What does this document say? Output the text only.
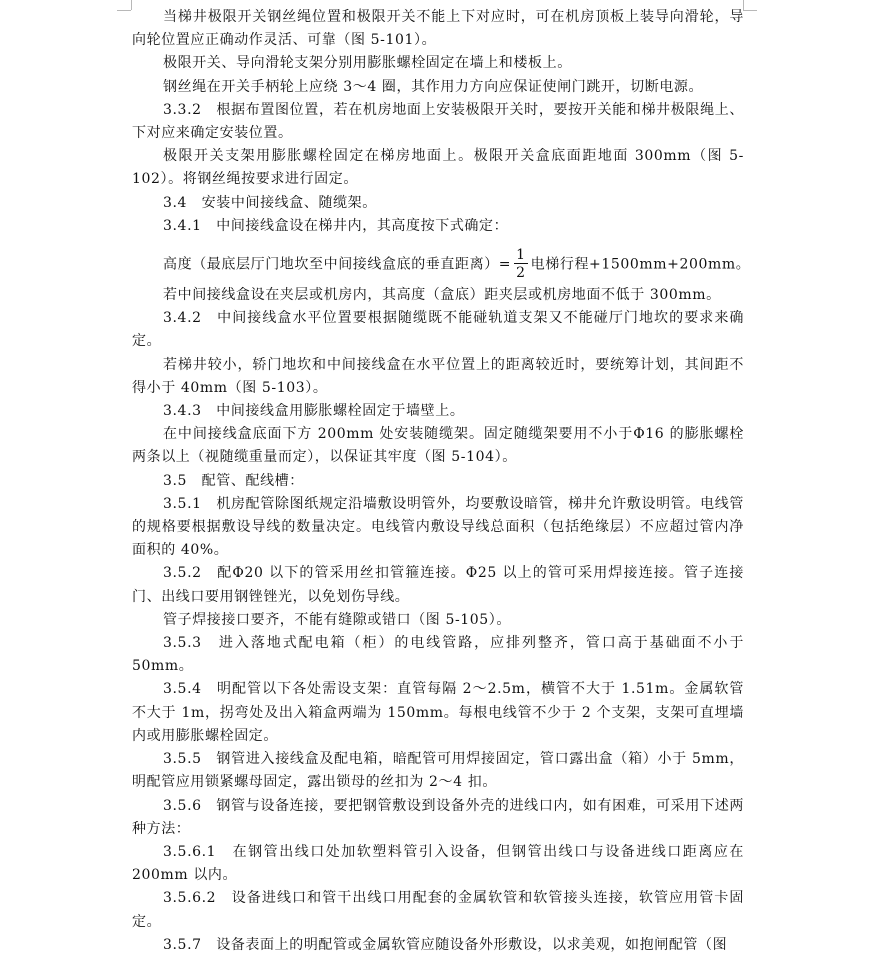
当梯井极限开关钢丝绳位置和极限开关不能上下对应时，可在机房顶板上装导向滑轮，导向轮位置应正确动作灵活、可靠（图 5-101）。

极限开关、导向滑轮支架分别用膨胀螺栓固定在墙上和楼板上。

钢丝绳在开关手柄轮上应绕 3～4 圈，其作用力方向应保证使闸门跳开，切断电源。

3.3.2　根据布置图位置，若在机房地面上安装极限开关时，要按开关能和梯井极限绳上、下对应来确定安装位置。

极限开关支架用膨胀螺栓固定在梯房地面上。极限开关盒底面距地面 300mm（图 5-102）。将钢丝绳按要求进行固定。

3.4　安装中间接线盒、随缆架。

3.4.1　中间接线盒设在梯井内，其高度按下式确定：

高度（最底层厅门地坎至中间接线盒底的垂直距离）= $\frac{1}{2}$ 电梯行程+1500mm+200mm。

若中间接线盒设在夹层或机房内，其高度（盒底）距夹层或机房地面不低于 300mm。

3.4.2　中间接线盒水平位置要根据随缆既不能碰轨道支架又不能碰厅门地坎的要求来确定。

若梯井较小，轿门地坎和中间接线盒在水平位置上的距离较近时，要统筹计划，其间距不得小于 40mm（图 5-103）。

3.4.3　中间接线盒用膨胀螺栓固定于墙壁上。

在中间接线盒底面下方 200mm 处安装随缆架。固定随缆架要用不小于Φ16 的膨胀螺栓两条以上（视随缆重量而定），以保证其牢度（图 5-104）。

3.5　配管、配线槽：

3.5.1　机房配管除图纸规定沿墙敷设明管外，均要敷设暗管，梯井允许敷设明管。电线管的规格要根据敷设导线的数量决定。电线管内敷设导线总面积（包括绝缘层）不应超过管内净面积的 40%。

3.5.2　配Φ20 以下的管采用丝扣管箍连接。Φ25 以上的管可采用焊接连接。管子连接门、出线口要用钢锉锉光，以免划伤导线。

管子焊接接口要齐，不能有缝隙或错口（图 5-105）。

3.5.3　进入落地式配电箱（柜）的电线管路，应排列整齐，管口高于基础面不小于 50mm。

3.5.4　明配管以下各处需设支架：直管每隔 2～2.5m，横管不大于 1.51m。金属软管不大于 1m，拐弯处及出入箱盒两端为 150mm。每根电线管不少于 2 个支架，支架可直埋墙内或用膨胀螺栓固定。

3.5.5　钢管进入接线盒及配电箱，暗配管可用焊接固定，管口露出盒（箱）小于 5mm，明配管应用锁紧螺母固定，露出锁母的丝扣为 2～4 扣。

3.5.6　钢管与设备连接，要把钢管敷设到设备外壳的进线口内，如有困难，可采用下述两种方法：

3.5.6.1　在钢管出线口处加软塑料管引入设备，但钢管出线口与设备进线口距离应在 200mm 以内。

3.5.6.2　设备进线口和管干出线口用配套的金属软管和软管接头连接，软管应用管卡固定。

3.5.7　设备表面上的明配管或金属软管应随设备外形敷设，以求美观，如抱闸配管（图
